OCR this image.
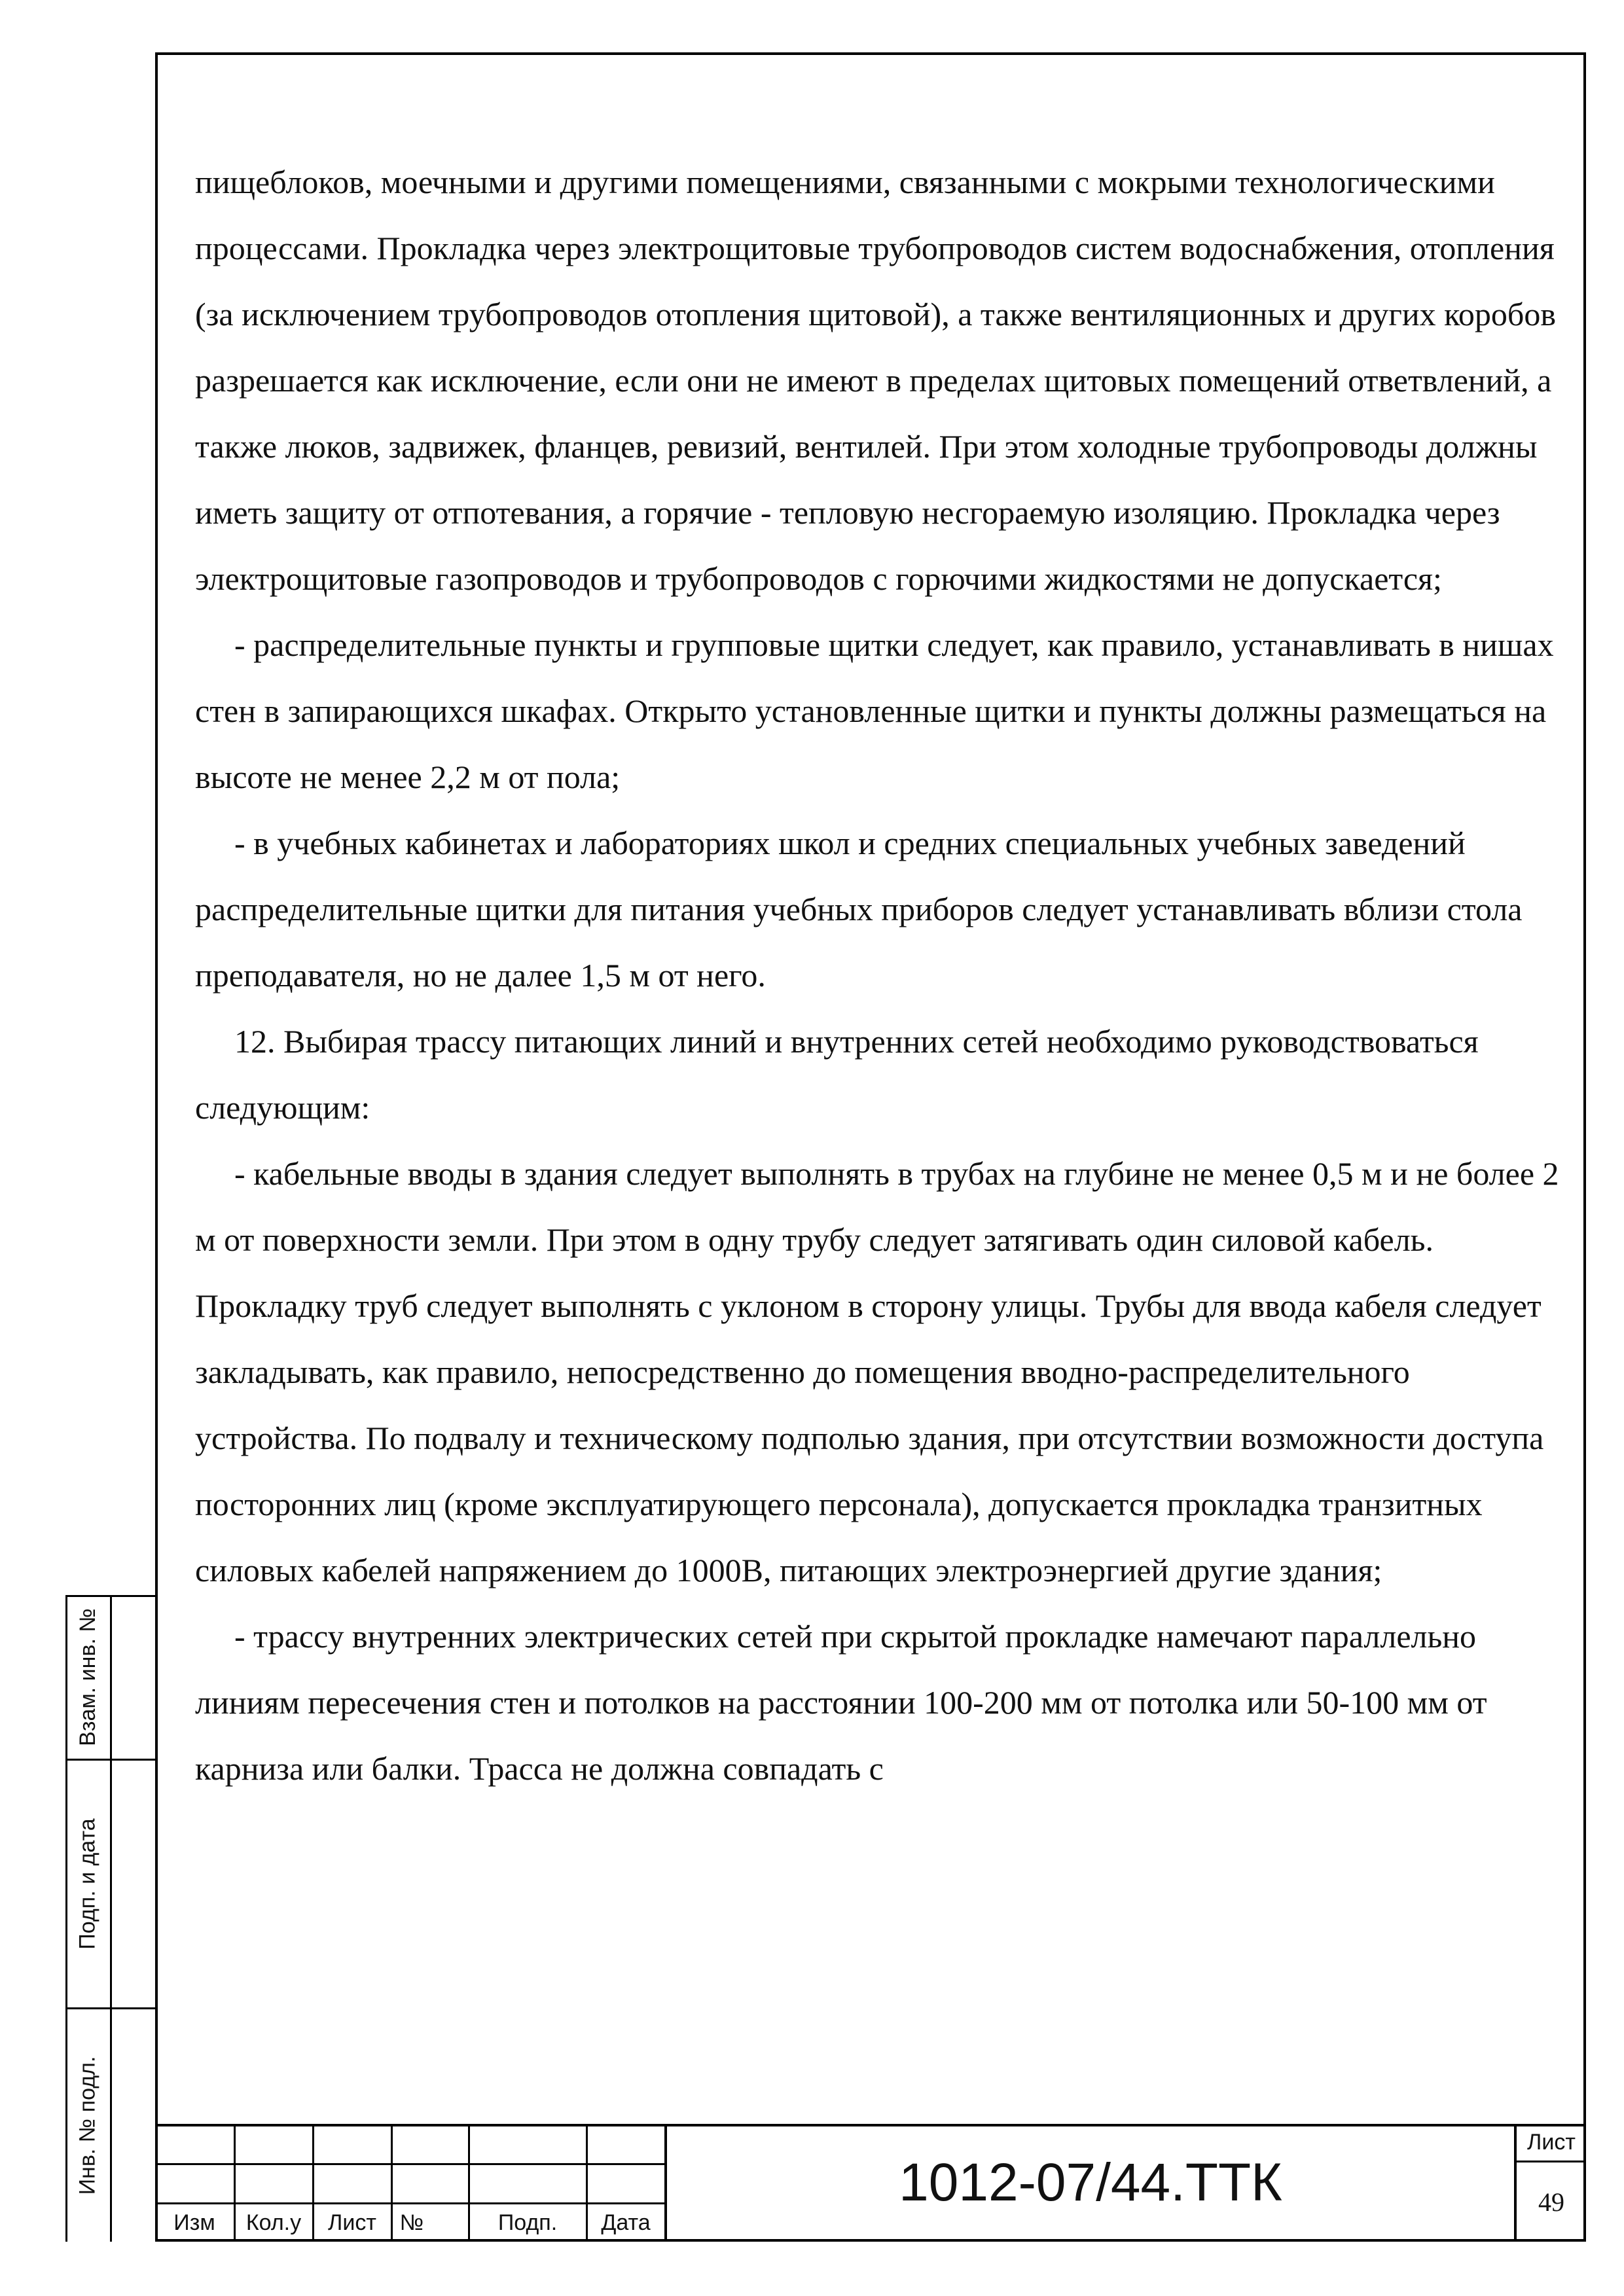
пищеблоков, моечными и другими помещениями, связанными с мокрыми технологическими процессами. Прокладка через электрощитовые трубопроводов систем водоснабжения, отопления (за исключением трубопроводов отопления щитовой), а также вентиляционных и других коробов разрешается как исключение, если они не имеют в пределах щитовых помещений ответвлений, а также люков, задвижек, фланцев, ревизий, вентилей. При этом холодные трубопроводы должны иметь защиту от отпотевания, а горячие - тепловую несгораемую изоляцию. Прокладка через электрощитовые газопроводов и трубопроводов с горючими жидкостями не допускается;

- распределительные пункты и групповые щитки следует, как правило, устанавливать в нишах стен в запирающихся шкафах. Открыто установленные щитки и пункты должны размещаться на высоте не менее 2,2 м от пола;

- в учебных кабинетах и лабораториях школ и средних специальных учебных заведений распределительные щитки для питания учебных приборов следует устанавливать вблизи стола преподавателя, но не далее 1,5 м от него.

12. Выбирая трассу питающих линий и внутренних сетей необходимо руководствоваться следующим:

- кабельные вводы в здания следует выполнять в трубах на глубине не менее 0,5 м и не более 2 м от поверхности земли. При этом в одну трубу следует затягивать один силовой кабель. Прокладку труб следует выполнять с уклоном в сторону улицы. Трубы для ввода кабеля следует закладывать, как правило, непосредственно до помещения вводно-распределительного устройства. По подвалу и техническому подполью здания, при отсутствии возможности доступа посторонних лиц (кроме эксплуатирующего персонала), допускается прокладка транзитных силовых кабелей напряжением до 1000В, питающих электроэнергией другие здания;

- трассу внутренних электрических сетей при скрытой прокладке намечают параллельно линиям пересечения стен и потолков на расстоянии 100-200 мм от потолка или 50-100 мм от карниза или балки. Трасса не должна совпадать с

Взам. инв. №
Подп. и дата
Инв. № подл.
Изм	Кол.у	Лист	№	Подп.	Дата
1012-07/44.ТТК
Лист
49
